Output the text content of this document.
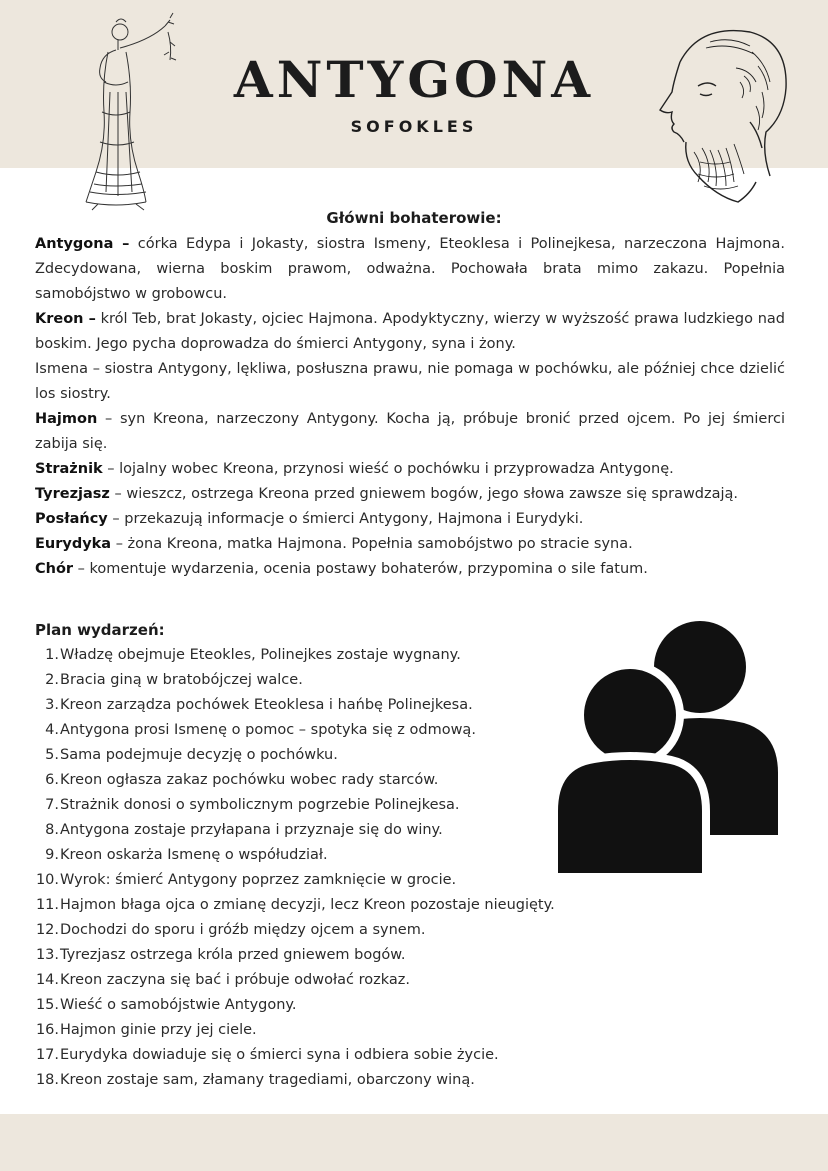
ANTYGONA
SOFOKLES
Główni bohaterowie:

Antygona – córka Edypa i Jokasty, siostra Ismeny, Eteoklesa i Polinejkesa, narzeczona Hajmona. Zdecydowana, wierna boskim prawom, odważna. Pochowała brata mimo zakazu. Popełnia samobójstwo w grobowcu.

Kreon – król Teb, brat Jokasty, ojciec Hajmona. Apodyktyczny, wierzy w wyższość prawa ludzkiego nad boskim. Jego pycha doprowadza do śmierci Antygony, syna i żony.

Ismena – siostra Antygony, lękliwa, posłuszna prawu, nie pomaga w pochówku, ale później chce dzielić los siostry.

Hajmon – syn Kreona, narzeczony Antygony. Kocha ją, próbuje bronić przed ojcem. Po jej śmierci zabija się.

Strażnik – lojalny wobec Kreona, przynosi wieść o pochówku i przyprowadza Antygonę.

Tyrezjasz – wieszcz, ostrzega Kreona przed gniewem bogów, jego słowa zawsze się sprawdzają.

Posłańcy – przekazują informacje o śmierci Antygony, Hajmona i Eurydyki.

Eurydyka – żona Kreona, matka Hajmona. Popełnia samobójstwo po stracie syna.

Chór – komentuje wydarzenia, ocenia postawy bohaterów, przypomina o sile fatum.

Plan wydarzeń:
1. Władzę obejmuje Eteokles, Polinejkes zostaje wygnany.
2. Bracia giną w bratobójczej walce.
3. Kreon zarządza pochówek Eteoklesa i hańbę Polinejkesa.
4. Antygona prosi Ismenę o pomoc – spotyka się z odmową.
5. Sama podejmuje decyzję o pochówku.
6. Kreon ogłasza zakaz pochówku wobec rady starców.
7. Strażnik donosi o symbolicznym pogrzebie Polinejkesa.
8. Antygona zostaje przyłapana i przyznaje się do winy.
9. Kreon oskarża Ismenę o współudział.
10. Wyrok: śmierć Antygony poprzez zamknięcie w grocie.
11. Hajmon błaga ojca o zmianę decyzji, lecz Kreon pozostaje nieugięty.
12. Dochodzi do sporu i gróźb między ojcem a synem.
13. Tyrezjasz ostrzega króla przed gniewem bogów.
14. Kreon zaczyna się bać i próbuje odwołać rozkaz.
15. Wieść o samobójstwie Antygony.
16. Hajmon ginie przy jej ciele.
17. Eurydyka dowiaduje się o śmierci syna i odbiera sobie życie.
18. Kreon zostaje sam, złamany tragediami, obarczony winą.
